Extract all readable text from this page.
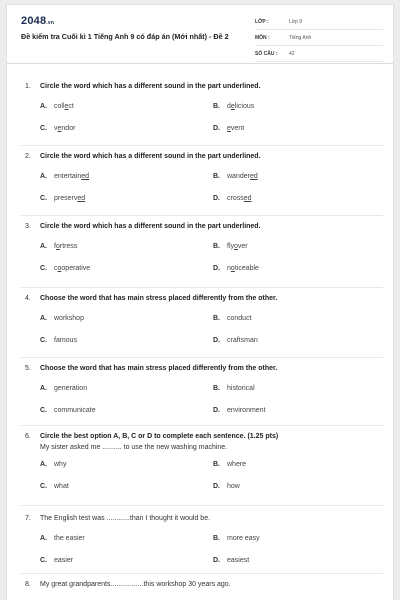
2048.vn
Đề kiểm tra Cuối kì 1 Tiếng Anh 9 có đáp án (Mới nhất) - Đề 2
LỚP :	Lớp 9
MÔN :	Tiếng Anh
SỐ CÂU : 42
1. Circle the word which has a different sound in the part underlined.
A. collect	B. delicious
C. vendor	D. event
2. Circle the word which has a different sound in the part underlined.
A. entertained	B. wandered
C. preserved	D. crossed
3. Circle the word which has a different sound in the part underlined.
A. fortress	B. flyover
C. cooperative	D. noticeable
4. Choose the word that has main stress placed differently from the other.
A. workshop	B. conduct
C. famous	D. craftsman
5. Choose the word that has main stress placed differently from the other.
A. generation	B. historical
C. communicate	D. environment
6. Circle the best option A, B, C or D to complete each sentence. (1.25 pts)
My sister asked me .......... to use the new washing machine.
A. why	B. where
C. what	D. how
7. The English test was ............than I thought it would be.
A. the easier	B. more easy
C. easier	D. easiest
8. My great grandparents.................this workshop 30 years ago.
